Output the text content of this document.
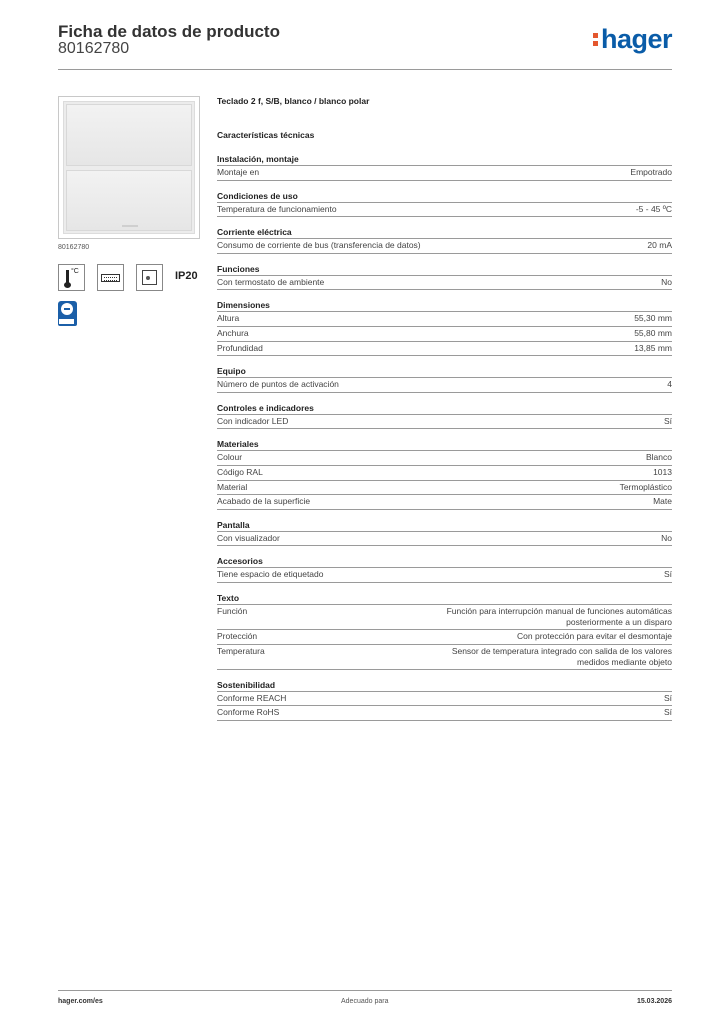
Ficha de datos de producto
80162780	hager
80162780
°C	IP20
Teclado 2 f, S/B, blanco / blanco polar
Características técnicas
Instalación, montaje
Montaje en	Empotrado
Condiciones de uso
Temperatura de funcionamiento	-5 - 45 ºC
Corriente eléctrica
Consumo de corriente de bus (transferencia de datos)	20 mA
Funciones
Con termostato de ambiente	No
Dimensiones
Altura	55,30 mm
Anchura	55,80 mm
Profundidad	13,85 mm
Equipo
Número de puntos de activación	4
Controles e indicadores
Con indicador LED	Sí
Materiales
Colour	Blanco
Código RAL	1013
Material	Termoplástico
Acabado de la superficie	Mate
Pantalla
Con visualizador	No
Accesorios
Tiene espacio de etiquetado	Sí
Texto
Función	Función para interrupción manual de funciones automáticas posteriormente a un disparo
Protección	Con protección para evitar el desmontaje
Temperatura	Sensor de temperatura integrado con salida de los valores medidos mediante objeto
Sostenibilidad
Conforme REACH	Sí
Conforme RoHS	Sí
hager.com/es	Adecuado para	15.03.2026
